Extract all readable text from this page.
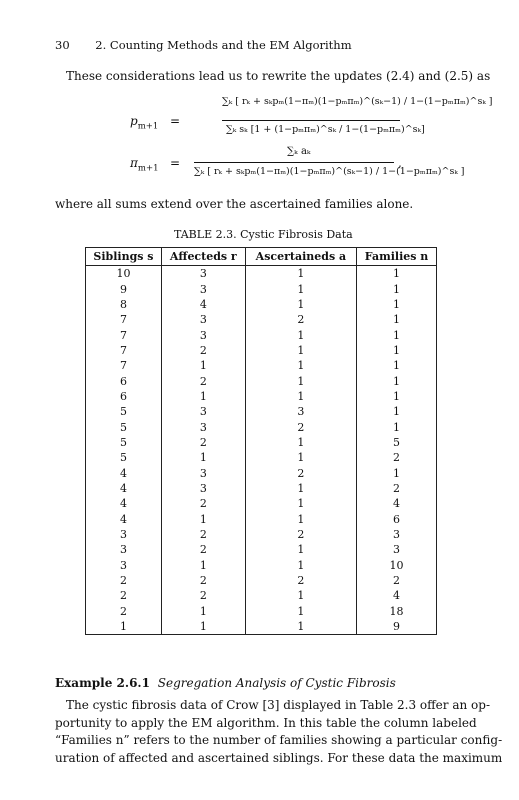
30 2. Counting Methods and the EM Algorithm
These considerations lead us to rewrite the updates (2.4) and (2.5) as
$p_{m+1}$ =
∑ₖ [ rₖ + sₖpₘ(1−πₘ)(1−pₘπₘ)^(sₖ−1) / 1−(1−pₘπₘ)^sₖ ]
∑ₖ sₖ [1 + (1−pₘπₘ)^sₖ / 1−(1−pₘπₘ)^sₖ]
$\pi_{m+1}$ =
∑ₖ aₖ
∑ₖ [ rₖ + sₖpₘ(1−πₘ)(1−pₘπₘ)^(sₖ−1) / 1−(1−pₘπₘ)^sₖ ]
,
where all sums extend over the ascertained families alone.
TABLE 2.3. Cystic Fibrosis Data
Siblings s	Affecteds r	Ascertaineds a	Families n
10	3	1	1
9	3	1	1
8	4	1	1
7	3	2	1
7	3	1	1
7	2	1	1
7	1	1	1
6	2	1	1
6	1	1	1
5	3	3	1
5	3	2	1
5	2	1	5
5	1	1	2
4	3	2	1
4	3	1	2
4	2	1	4
4	1	1	6
3	2	2	3
3	2	1	3
3	1	1	10
2	2	2	2
2	2	1	4
2	1	1	18
1	1	1	9
Example 2.6.1 Segregation Analysis of Cystic Fibrosis
The cystic fibrosis data of Crow [3] displayed in Table 2.3 offer an op-
portunity to apply the EM algorithm. In this table the column labeled
“Families n” refers to the number of families showing a particular config-
uration of affected and ascertained siblings. For these data the maximum
